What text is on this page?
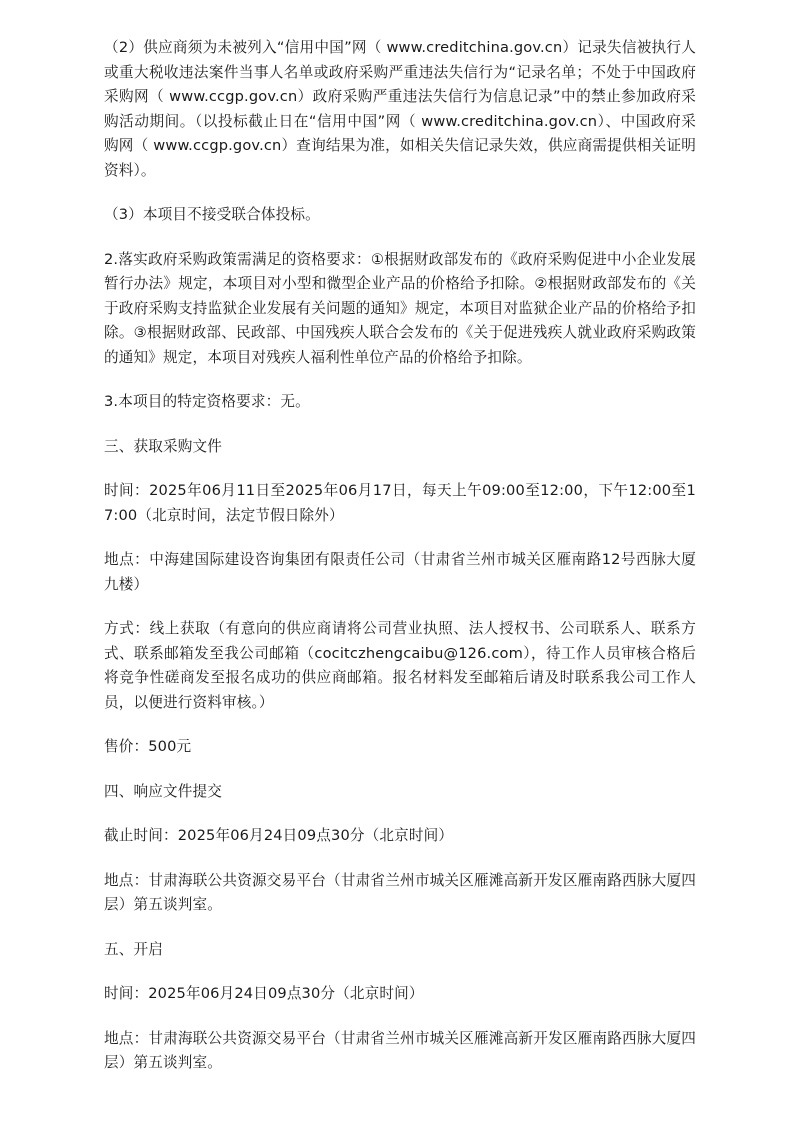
（2）供应商须为未被列入“信用中国”网（ www.creditchina.gov.cn）记录失信被执行人或重大税收违法案件当事人名单或政府采购严重违法失信行为“记录名单；不处于中国政府采购网（ www.ccgp.gov.cn）政府采购严重违法失信行为信息记录”中的禁止参加政府采购活动期间。（以投标截止日在“信用中国”网（ www.creditchina.gov.cn）、中国政府采购网（ www.ccgp.gov.cn）查询结果为准，如相关失信记录失效，供应商需提供相关证明资料）。

（3）本项目不接受联合体投标。

2.落实政府采购政策需满足的资格要求：①根据财政部发布的《政府采购促进中小企业发展暂行办法》规定，本项目对小型和微型企业产品的价格给予扣除。②根据财政部发布的《关于政府采购支持监狱企业发展有关问题的通知》规定，本项目对监狱企业产品的价格给予扣除。③根据财政部、民政部、中国残疾人联合会发布的《关于促进残疾人就业政府采购政策的通知》规定，本项目对残疾人福利性单位产品的价格给予扣除。

3.本项目的特定资格要求：无。

三、获取采购文件

时间：2025年06月11日至2025年06月17日，每天上午09:00至12:00，下午12:00至17:00（北京时间，法定节假日除外）

地点：中海建国际建设咨询集团有限责任公司（甘肃省兰州市城关区雁南路12号西脉大厦九楼）

方式：线上获取（有意向的供应商请将公司营业执照、法人授权书、公司联系人、联系方式、联系邮箱发至我公司邮箱（cocitczhengcaibu@126.com），待工作人员审核合格后将竞争性磋商发至报名成功的供应商邮箱。报名材料发至邮箱后请及时联系我公司工作人员，以便进行资料审核。）

售价：500元

四、响应文件提交

截止时间：2025年06月24日09点30分（北京时间）

地点：甘肃海联公共资源交易平台（甘肃省兰州市城关区雁滩高新开发区雁南路西脉大厦四层）第五谈判室。

五、开启

时间：2025年06月24日09点30分（北京时间）

地点：甘肃海联公共资源交易平台（甘肃省兰州市城关区雁滩高新开发区雁南路西脉大厦四层）第五谈判室。
